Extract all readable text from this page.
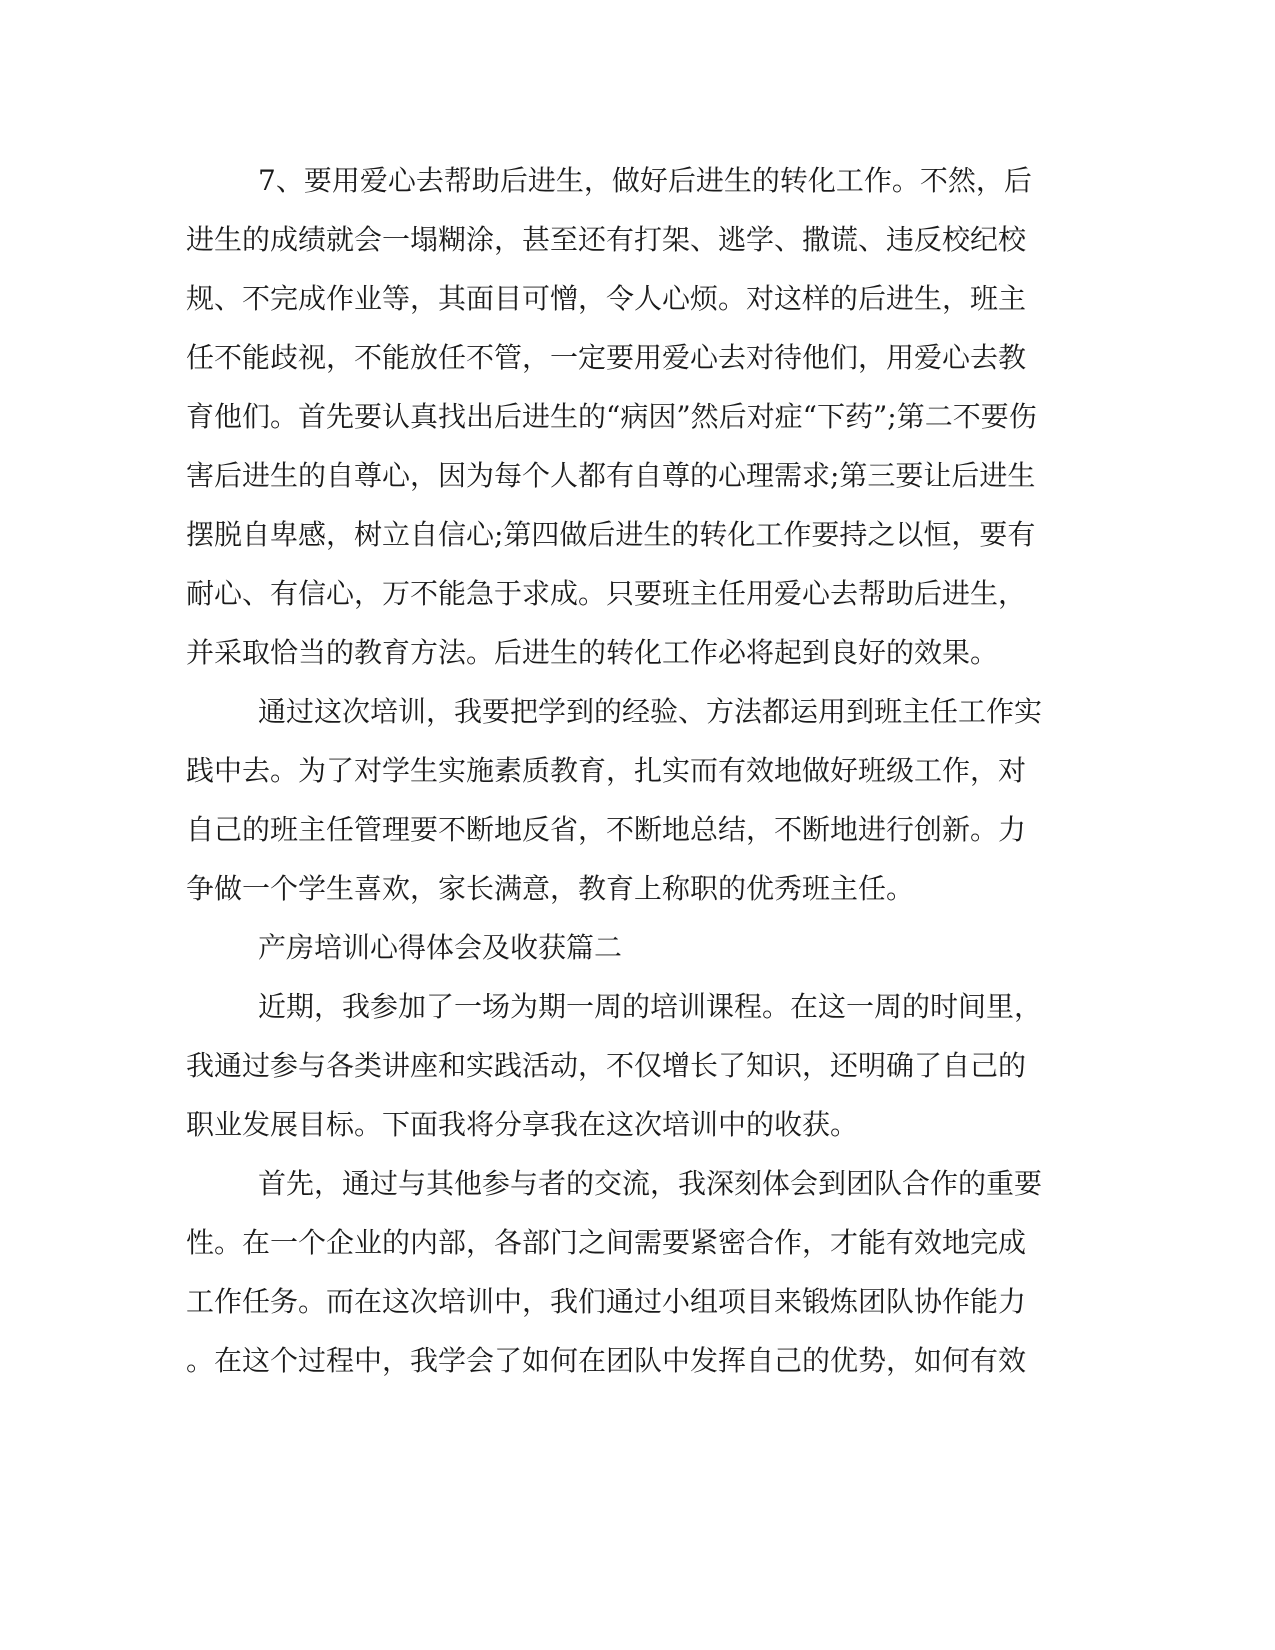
7、要用爱心去帮助后进生，做好后进生的转化工作。不然，后

进生的成绩就会一塌糊涂，甚至还有打架、逃学、撒谎、违反校纪校

规、不完成作业等，其面目可憎，令人心烦。对这样的后进生，班主

任不能歧视，不能放任不管，一定要用爱心去对待他们，用爱心去教

育他们。首先要认真找出后进生的“病因”然后对症“下药”;第二不要伤

害后进生的自尊心，因为每个人都有自尊的心理需求;第三要让后进生

摆脱自卑感，树立自信心;第四做后进生的转化工作要持之以恒，要有

耐心、有信心，万不能急于求成。只要班主任用爱心去帮助后进生，

并采取恰当的教育方法。后进生的转化工作必将起到良好的效果。

通过这次培训，我要把学到的经验、方法都运用到班主任工作实

践中去。为了对学生实施素质教育，扎实而有效地做好班级工作，对

自己的班主任管理要不断地反省，不断地总结，不断地进行创新。力

争做一个学生喜欢，家长满意，教育上称职的优秀班主任。

产房培训心得体会及收获篇二

近期，我参加了一场为期一周的培训课程。在这一周的时间里，

我通过参与各类讲座和实践活动，不仅增长了知识，还明确了自己的

职业发展目标。下面我将分享我在这次培训中的收获。

首先，通过与其他参与者的交流，我深刻体会到团队合作的重要

性。在一个企业的内部，各部门之间需要紧密合作，才能有效地完成

工作任务。而在这次培训中，我们通过小组项目来锻炼团队协作能力

。在这个过程中，我学会了如何在团队中发挥自己的优势，如何有效
